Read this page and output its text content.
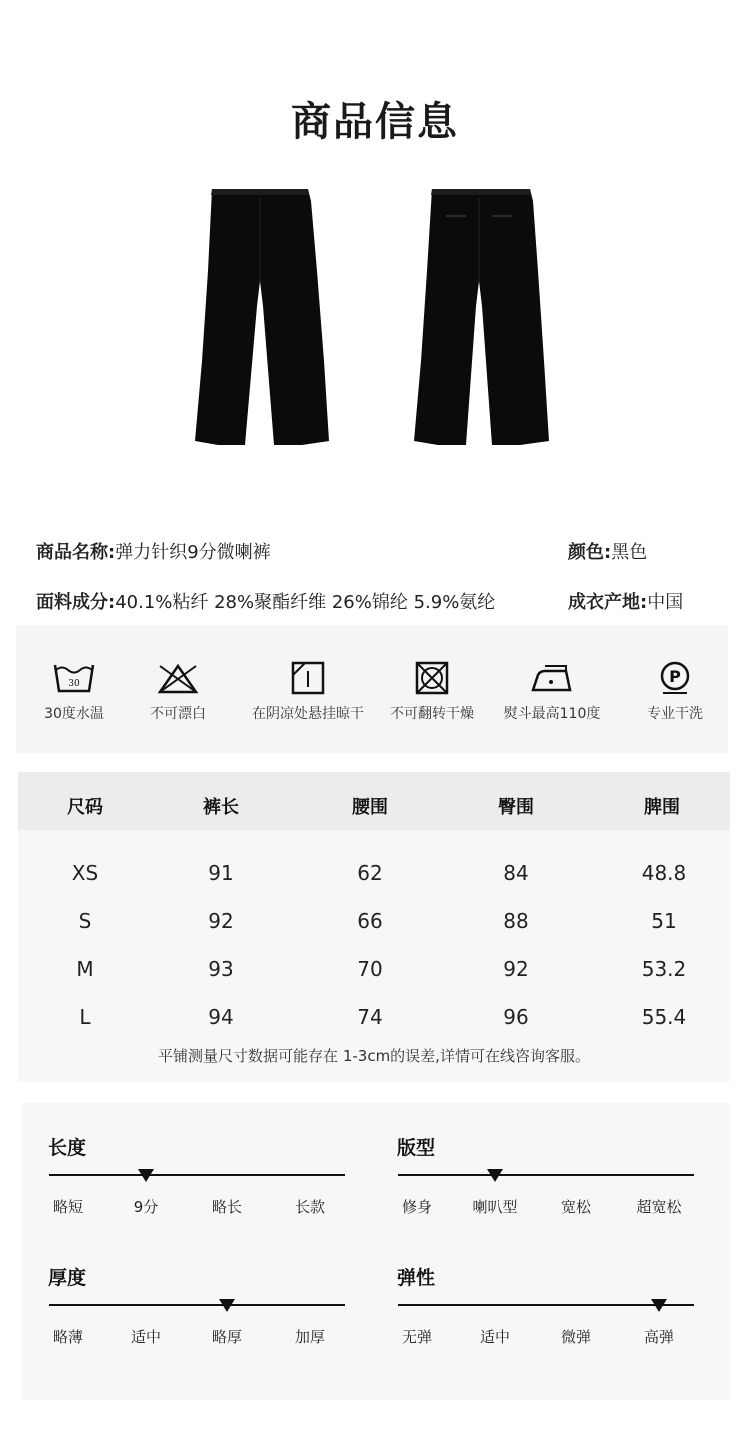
商品信息
商品名称:弹力针织9分微喇裤	颜色:黑色
面料成分:40.1%粘纤 28%聚酯纤维 26%锦纶 5.9%氨纶	成衣产地:中国
30
30度水温	不可漂白	在阴凉处悬挂晾干	不可翻转干燥	熨斗最高110度
P
专业干洗
尺码	裤长	腰围	臀围	脾围
XS	91	62	84	48.8
S	92	66	88	51
M	93	70	92	53.2
L	94	74	96	55.4
平铺测量尺寸数据可能存在 1-3cm的误差,详情可在线咨询客服。
长度
略短	9分	略长	长款
版型
修身	喇叭型	宽松	超宽松
厚度
略薄	适中	略厚	加厚
弹性
无弹	适中	微弹	高弹
